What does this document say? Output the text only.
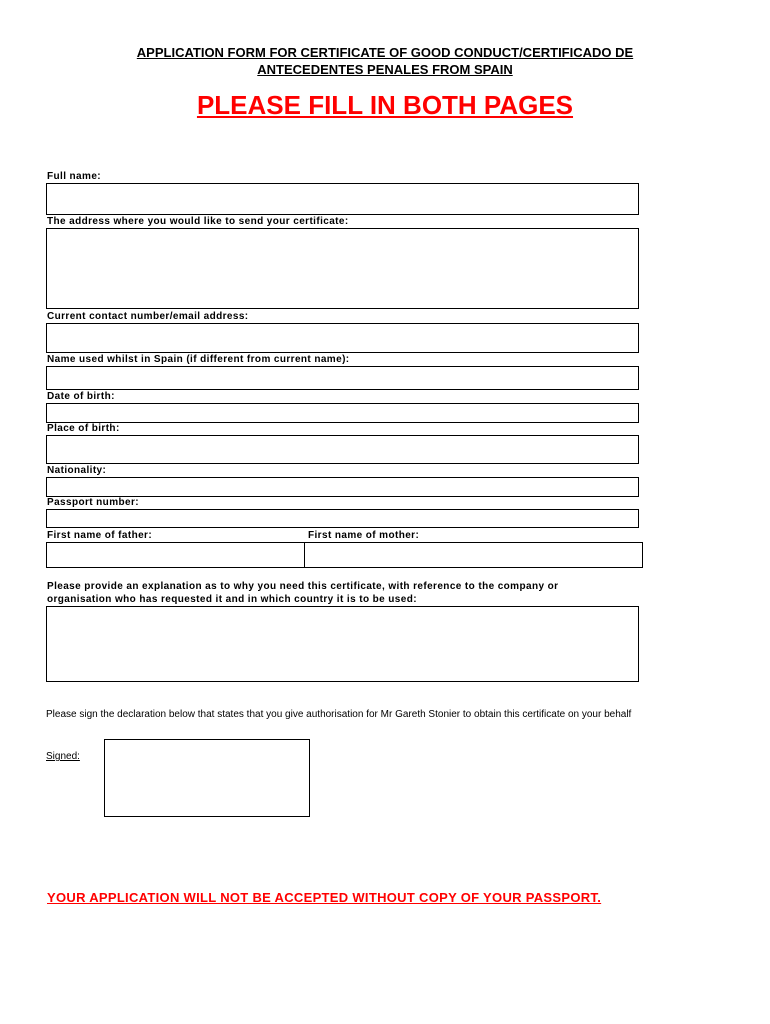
APPLICATION FORM FOR CERTIFICATE OF GOOD CONDUCT/CERTIFICADO DE
ANTECEDENTES PENALES FROM SPAIN
PLEASE FILL IN BOTH PAGES
Full name:
The address where you would like to send your certificate:
Current contact number/email address:
Name used whilst in Spain (if different from current name):
Date of birth:
Place of birth:
Nationality:
Passport number:
First name of father:	First name of mother:
Please provide an explanation as to why you need this certificate, with reference to the company or
organisation who has requested it and in which country it is to be used:
Please sign the declaration below that states that you give authorisation for Mr Gareth Stonier to obtain this certificate on your behalf
Signed:
YOUR APPLICATION WILL NOT BE ACCEPTED WITHOUT COPY OF YOUR PASSPORT.
